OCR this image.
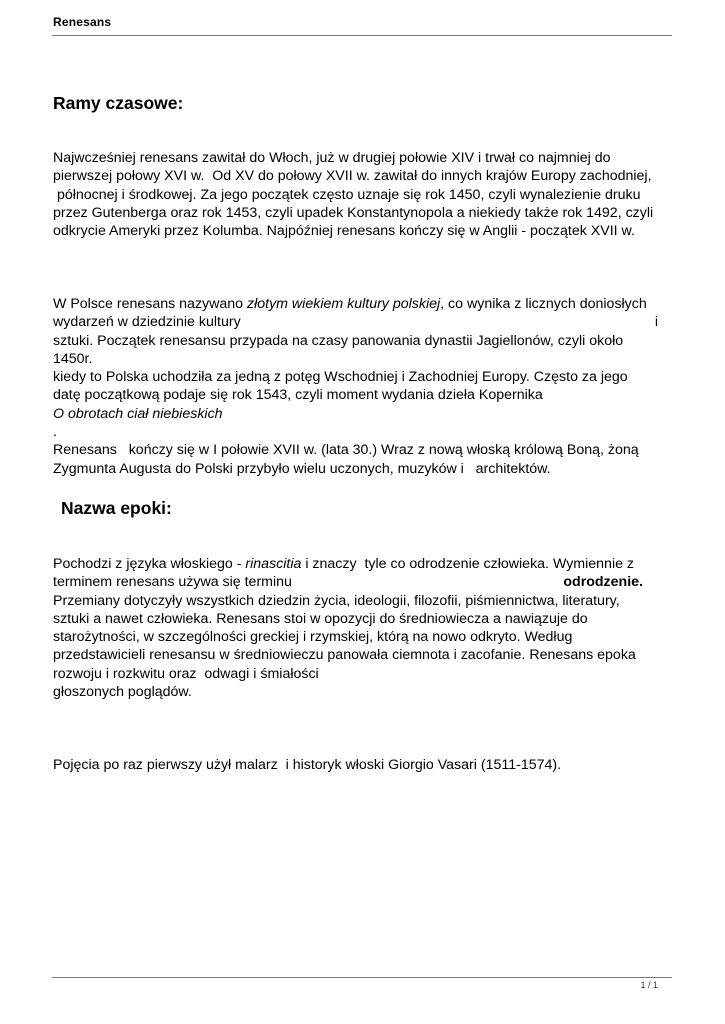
Renesans
Ramy czasowe:
Najwcześniej renesans zawitał do Włoch, już w drugiej połowie XIV i trwał co najmniej do
pierwszej połowy XVI w.  Od XV do połowy XVII w. zawitał do innych krajów Europy zachodniej,
północnej i środkowej. Za jego początek często uznaje się rok 1450, czyli wynalezienie druku
przez Gutenberga oraz rok 1453, czyli upadek Konstantynopola a niekiedy także rok 1492, czyli
odkrycie Ameryki przez Kolumba. Najpóźniej renesans kończy się w Anglii - początek XVII w.
W Polsce renesans nazywano złotym wiekiem kultury polskiej, co wynika z licznych doniosłych
wydarzeń w dziedzinie kultury	i
sztuki. Początek renesansu przypada na czasy panowania dynastii Jagiellonów, czyli około
1450r.
kiedy to Polska uchodziła za jedną z potęg Wschodniej i Zachodniej Europy. Często za jego
datę początkową podaje się rok 1543, czyli moment wydania dzieła Kopernika
O obrotach ciał niebieskich
.
Renesans   kończy się w I połowie XVII w. (lata 30.) Wraz z nową włoską królową Boną, żoną
Zygmunta Augusta do Polski przybyło wielu uczonych, muzyków i   architektów.
Nazwa epoki:
Pochodzi z języka włoskiego - rinascitia i znaczy  tyle co odrodzenie człowieka. Wymiennie z
terminem renesans używa się terminu	odrodzenie.
Przemiany dotyczyły wszystkich dziedzin życia, ideologii, filozofii, piśmiennictwa, literatury,
sztuki a nawet człowieka. Renesans stoi w opozycji do średniowiecza a nawiązuje do
starożytności, w szczególności greckiej i rzymskiej, którą na nowo odkryto. Według
przedstawicieli renesansu w średniowieczu panowała ciemnota i zacofanie. Renesans epoka
rozwoju i rozkwitu oraz  odwagi i śmiałości
głoszonych poglądów.
Pojęcia po raz pierwszy użył malarz  i historyk włoski Giorgio Vasari (1511-1574).
1 / 1
